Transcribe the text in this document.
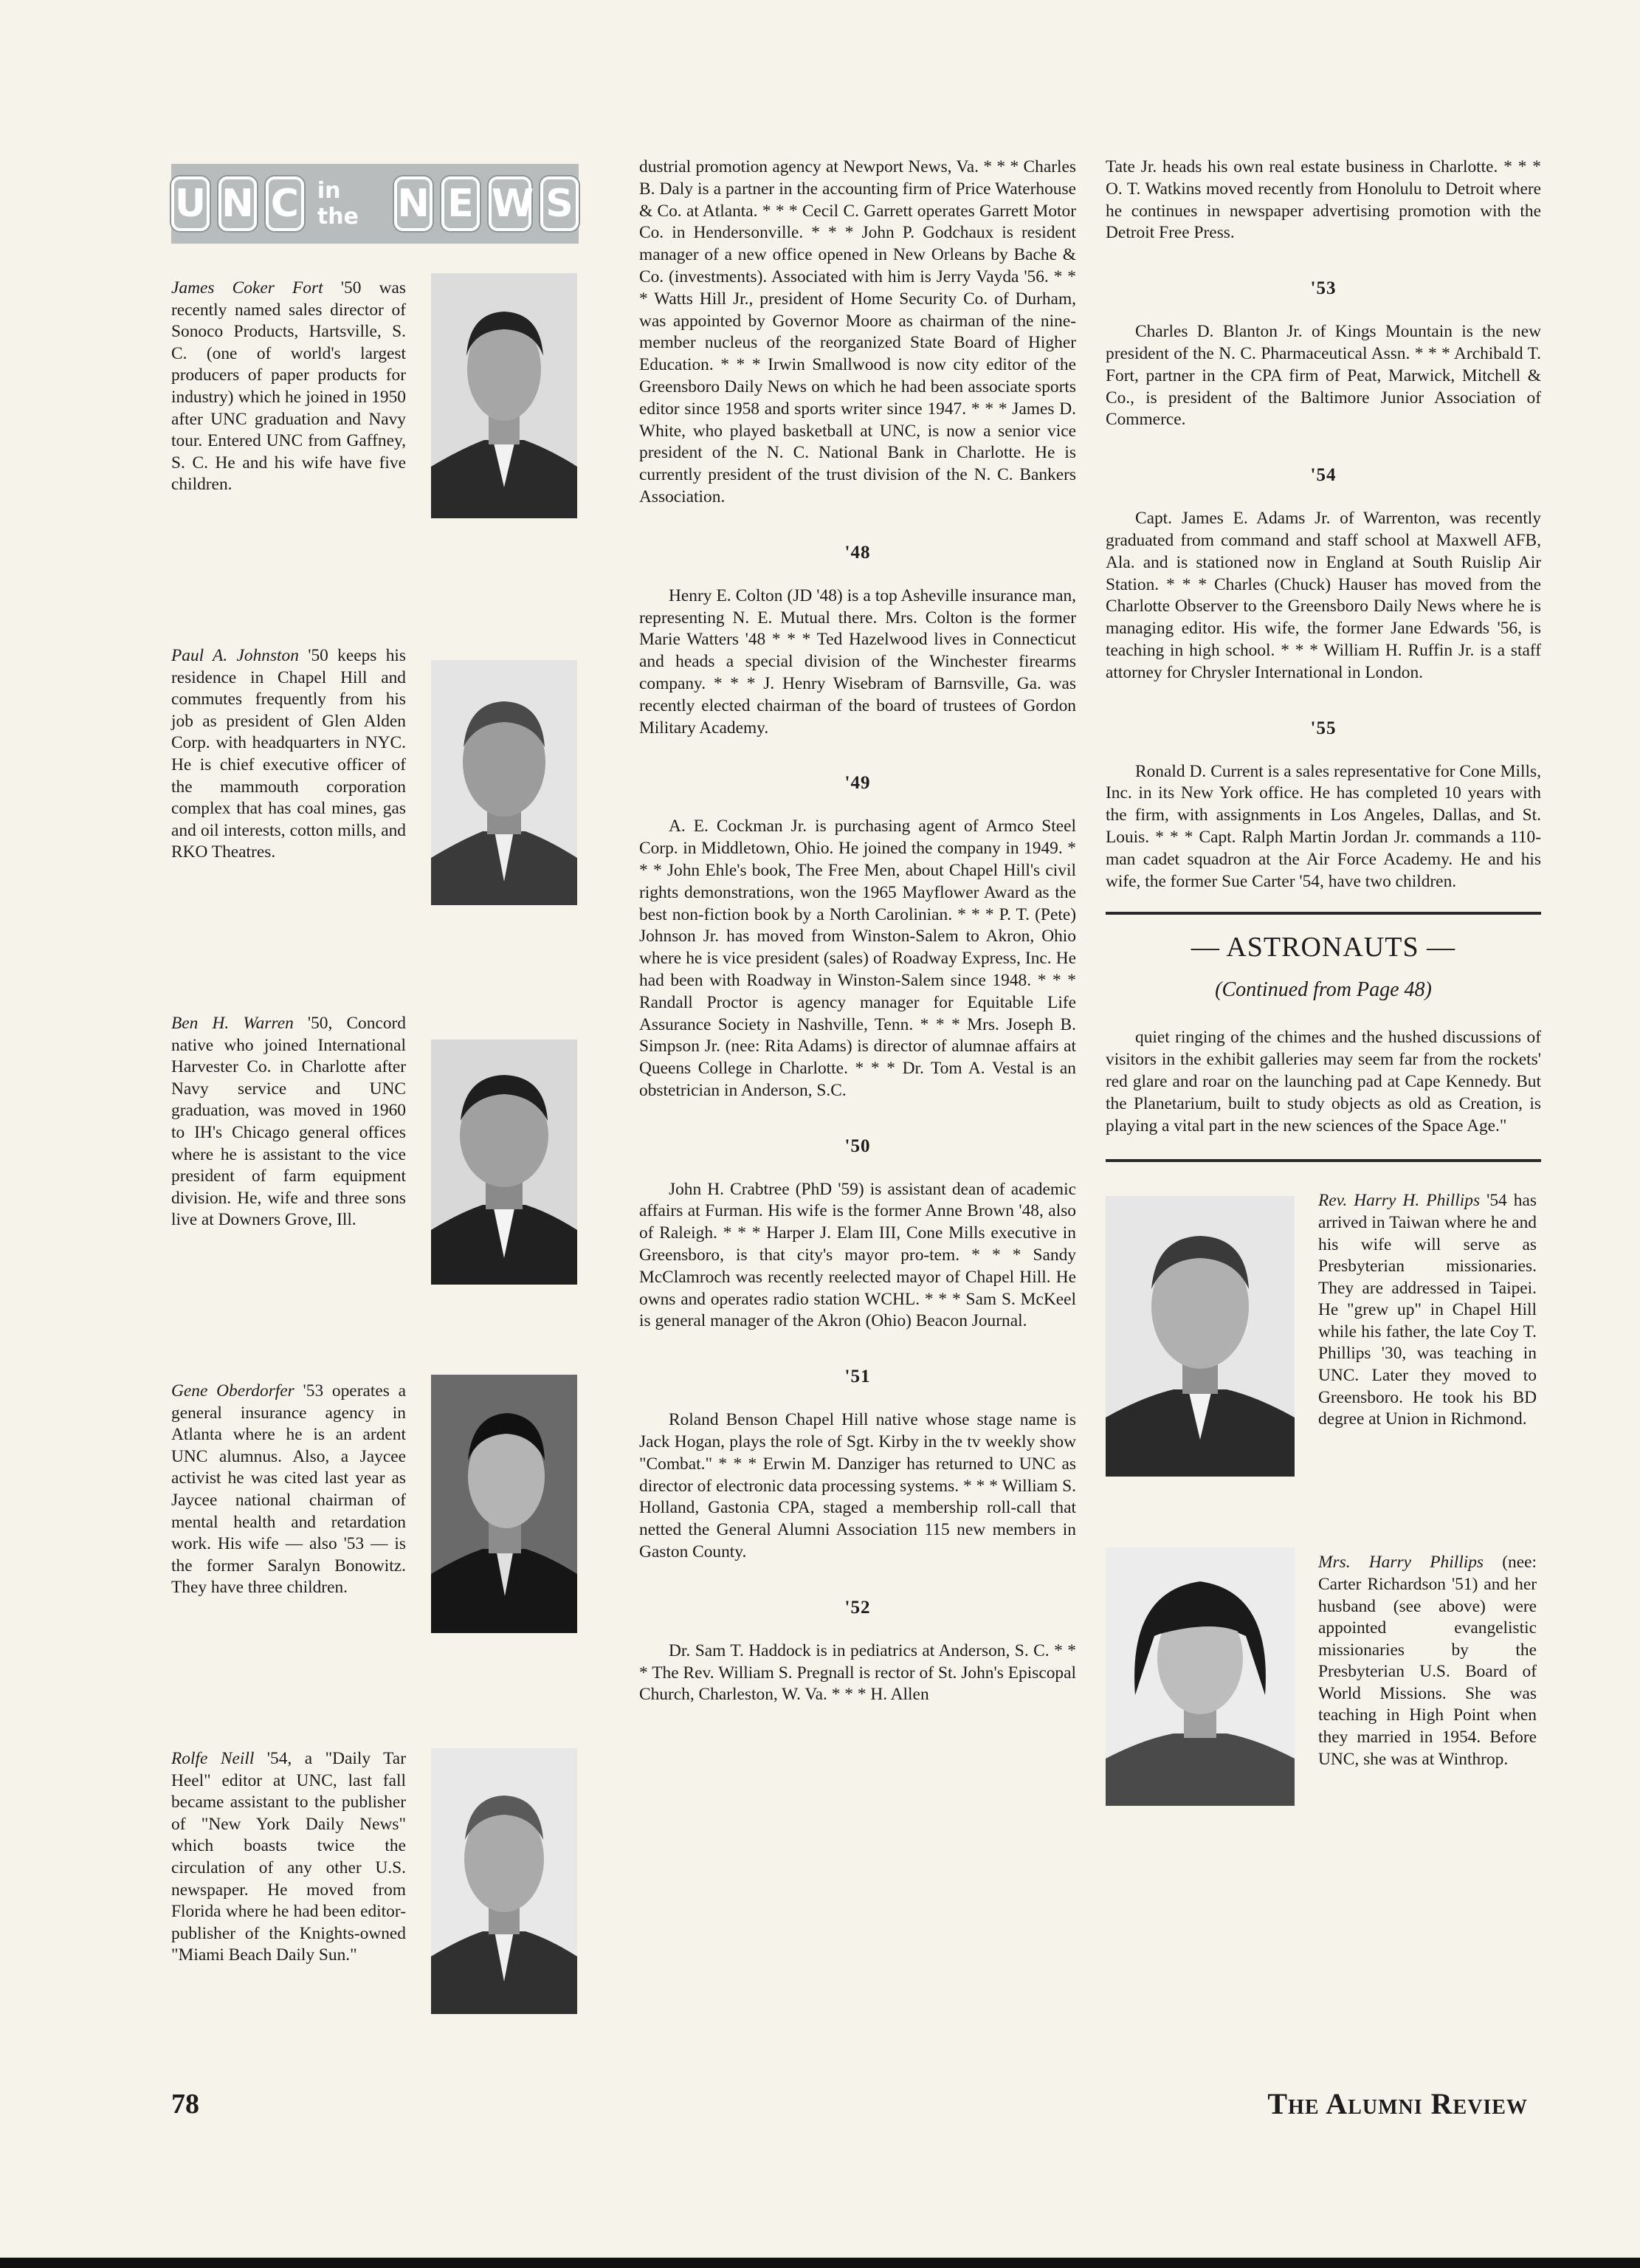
U N C in the	N E W S
James Coker Fort '50 was recently named sales director of Sonoco Products, Hartsville, S. C. (one of world's largest producers of paper products for industry) which he joined in 1950 after UNC graduation and Navy tour. Entered UNC from Gaffney, S. C. He and his wife have five children.
Paul A. Johnston '50 keeps his residence in Chapel Hill and commutes frequently from his job as president of Glen Alden Corp. with headquarters in NYC. He is chief executive officer of the mammouth corporation complex that has coal mines, gas and oil interests, cotton mills, and RKO Theatres.
Ben H. Warren '50, Concord native who joined International Harvester Co. in Charlotte after Navy service and UNC graduation, was moved in 1960 to IH's Chicago general offices where he is assistant to the vice president of farm equipment division. He, wife and three sons live at Downers Grove, Ill.
Gene Oberdorfer '53 operates a general insurance agency in Atlanta where he is an ardent UNC alumnus. Also, a Jaycee activist he was cited last year as Jaycee national chairman of mental health and retardation work. His wife — also '53 — is the former Saralyn Bonowitz. They have three children.
Rolfe Neill '54, a "Daily Tar Heel" editor at UNC, last fall became assistant to the publisher of "New York Daily News" which boasts twice the circulation of any other U.S. newspaper. He moved from Florida where he had been editor-publisher of the Knights-owned "Miami Beach Daily Sun."
dustrial promotion agency at Newport News, Va. * * * Charles B. Daly is a partner in the accounting firm of Price Waterhouse & Co. at Atlanta. * * * Cecil C. Garrett operates Garrett Motor Co. in Hendersonville. * * * John P. Godchaux is resident manager of a new office opened in New Orleans by Bache & Co. (investments). Associated with him is Jerry Vayda '56. * * * Watts Hill Jr., president of Home Security Co. of Durham, was appointed by Governor Moore as chairman of the nine-member nucleus of the reorganized State Board of Higher Education. * * * Irwin Smallwood is now city editor of the Greensboro Daily News on which he had been associate sports editor since 1958 and sports writer since 1947. * * * James D. White, who played basketball at UNC, is now a senior vice president of the N. C. National Bank in Charlotte. He is currently president of the trust division of the N. C. Bankers Association.
'48
Henry E. Colton (JD '48) is a top Asheville insurance man, representing N. E. Mutual there. Mrs. Colton is the former Marie Watters '48 * * * Ted Hazelwood lives in Connecticut and heads a special division of the Winchester firearms company. * * * J. Henry Wisebram of Barnsville, Ga. was recently elected chairman of the board of trustees of Gordon Military Academy.
'49
A. E. Cockman Jr. is purchasing agent of Armco Steel Corp. in Middletown, Ohio. He joined the company in 1949. * * * John Ehle's book, The Free Men, about Chapel Hill's civil rights demonstrations, won the 1965 Mayflower Award as the best non-fiction book by a North Carolinian. * * * P. T. (Pete) Johnson Jr. has moved from Winston-Salem to Akron, Ohio where he is vice president (sales) of Roadway Express, Inc. He had been with Roadway in Winston-Salem since 1948. * * * Randall Proctor is agency manager for Equitable Life Assurance Society in Nashville, Tenn. * * * Mrs. Joseph B. Simpson Jr. (nee: Rita Adams) is director of alumnae affairs at Queens College in Charlotte. * * * Dr. Tom A. Vestal is an obstetrician in Anderson, S.C.
'50
John H. Crabtree (PhD '59) is assistant dean of academic affairs at Furman. His wife is the former Anne Brown '48, also of Raleigh. * * * Harper J. Elam III, Cone Mills executive in Greensboro, is that city's mayor pro-tem. * * * Sandy McClamroch was recently reelected mayor of Chapel Hill. He owns and operates radio station WCHL. * * * Sam S. McKeel is general manager of the Akron (Ohio) Beacon Journal.
'51
Roland Benson Chapel Hill native whose stage name is Jack Hogan, plays the role of Sgt. Kirby in the tv weekly show "Combat." * * * Erwin M. Danziger has returned to UNC as director of electronic data processing systems. * * * William S. Holland, Gastonia CPA, staged a membership roll-call that netted the General Alumni Association 115 new members in Gaston County.
'52
Dr. Sam T. Haddock is in pediatrics at Anderson, S. C. * * * The Rev. William S. Pregnall is rector of St. John's Episcopal Church, Charleston, W. Va. * * * H. Allen
Tate Jr. heads his own real estate business in Charlotte. * * * O. T. Watkins moved recently from Honolulu to Detroit where he continues in newspaper advertising promotion with the Detroit Free Press.
'53
Charles D. Blanton Jr. of Kings Mountain is the new president of the N. C. Pharmaceutical Assn. * * * Archibald T. Fort, partner in the CPA firm of Peat, Marwick, Mitchell & Co., is president of the Baltimore Junior Association of Commerce.
'54
Capt. James E. Adams Jr. of Warrenton, was recently graduated from command and staff school at Maxwell AFB, Ala. and is stationed now in England at South Ruislip Air Station. * * * Charles (Chuck) Hauser has moved from the Charlotte Observer to the Greensboro Daily News where he is managing editor. His wife, the former Jane Edwards '56, is teaching in high school. * * * William H. Ruffin Jr. is a staff attorney for Chrysler International in London.
'55
Ronald D. Current is a sales representative for Cone Mills, Inc. in its New York office. He has completed 10 years with the firm, with assignments in Los Angeles, Dallas, and St. Louis. * * * Capt. Ralph Martin Jordan Jr. commands a 110-man cadet squadron at the Air Force Academy. He and his wife, the former Sue Carter '54, have two children.
— ASTRONAUTS —
(Continued from Page 48)

quiet ringing of the chimes and the hushed discussions of visitors in the exhibit galleries may seem far from the rockets' red glare and roar on the launching pad at Cape Kennedy. But the Planetarium, built to study objects as old as Creation, is playing a vital part in the new sciences of the Space Age."

Rev. Harry H. Phillips '54 has arrived in Taiwan where he and his wife will serve as Presbyterian missionaries. They are addressed in Taipei. He "grew up" in Chapel Hill while his father, the late Coy T. Phillips '30, was teaching in UNC. Later they moved to Greensboro. He took his BD degree at Union in Richmond.
Mrs. Harry Phillips (nee: Carter Richardson '51) and her husband (see above) were appointed evangelistic missionaries by the Presbyterian U.S. Board of World Missions. She was teaching in High Point when they married in 1954. Before UNC, she was at Winthrop.
78	The Alumni Review
